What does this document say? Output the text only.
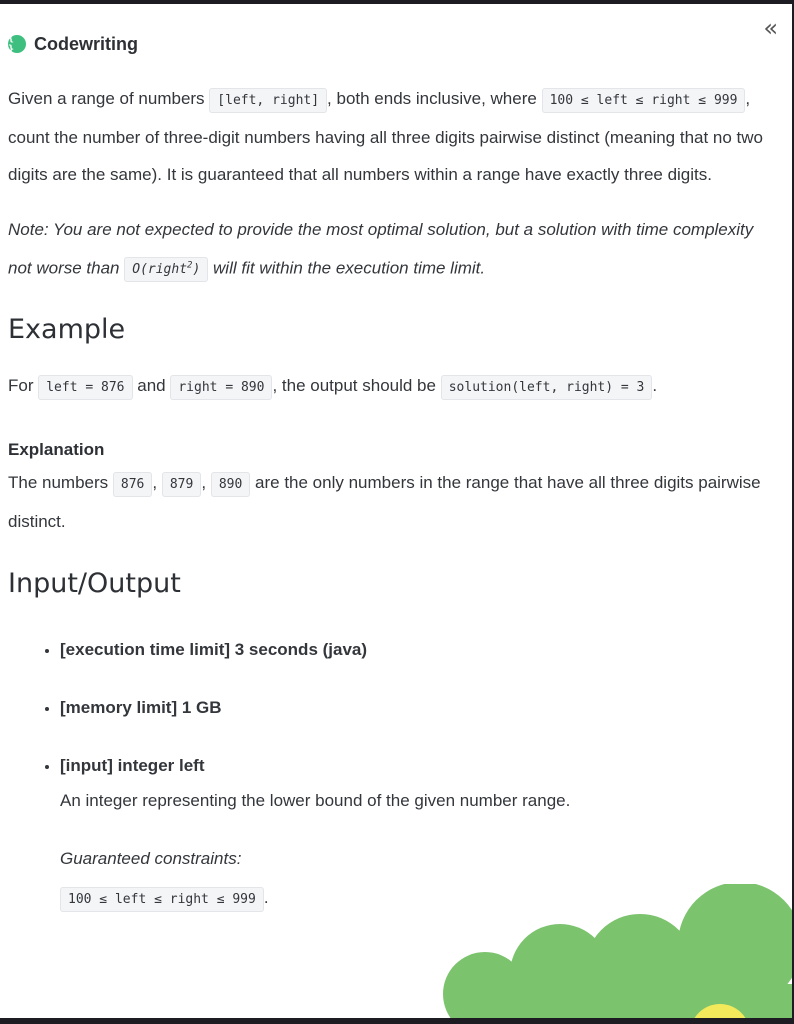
{ }	Codewriting
«

Given a range of numbers [left, right] , both ends inclusive, where 100 ≤ left ≤ right ≤ 999 , count the number of three-digit numbers having all three digits pairwise distinct (meaning that no two digits are the same). It is guaranteed that all numbers within a range have exactly three digits.

Note: You are not expected to provide the most optimal solution, but a solution with time complexity not worse than O(right$^2$) will fit within the execution time limit.

Example

For left = 876 and right = 890 , the output should be solution(left, right) = 3 .

Explanation

The numbers 876 , 879 , 890 are the only numbers in the range that have all three digits pairwise distinct.

Input/Output
• [execution time limit] 3 seconds (java)
• [memory limit] 1 GB
• [input] integer left
An integer representing the lower bound of the given number range.
Guaranteed constraints:
100 ≤ left ≤ right ≤ 999 .
